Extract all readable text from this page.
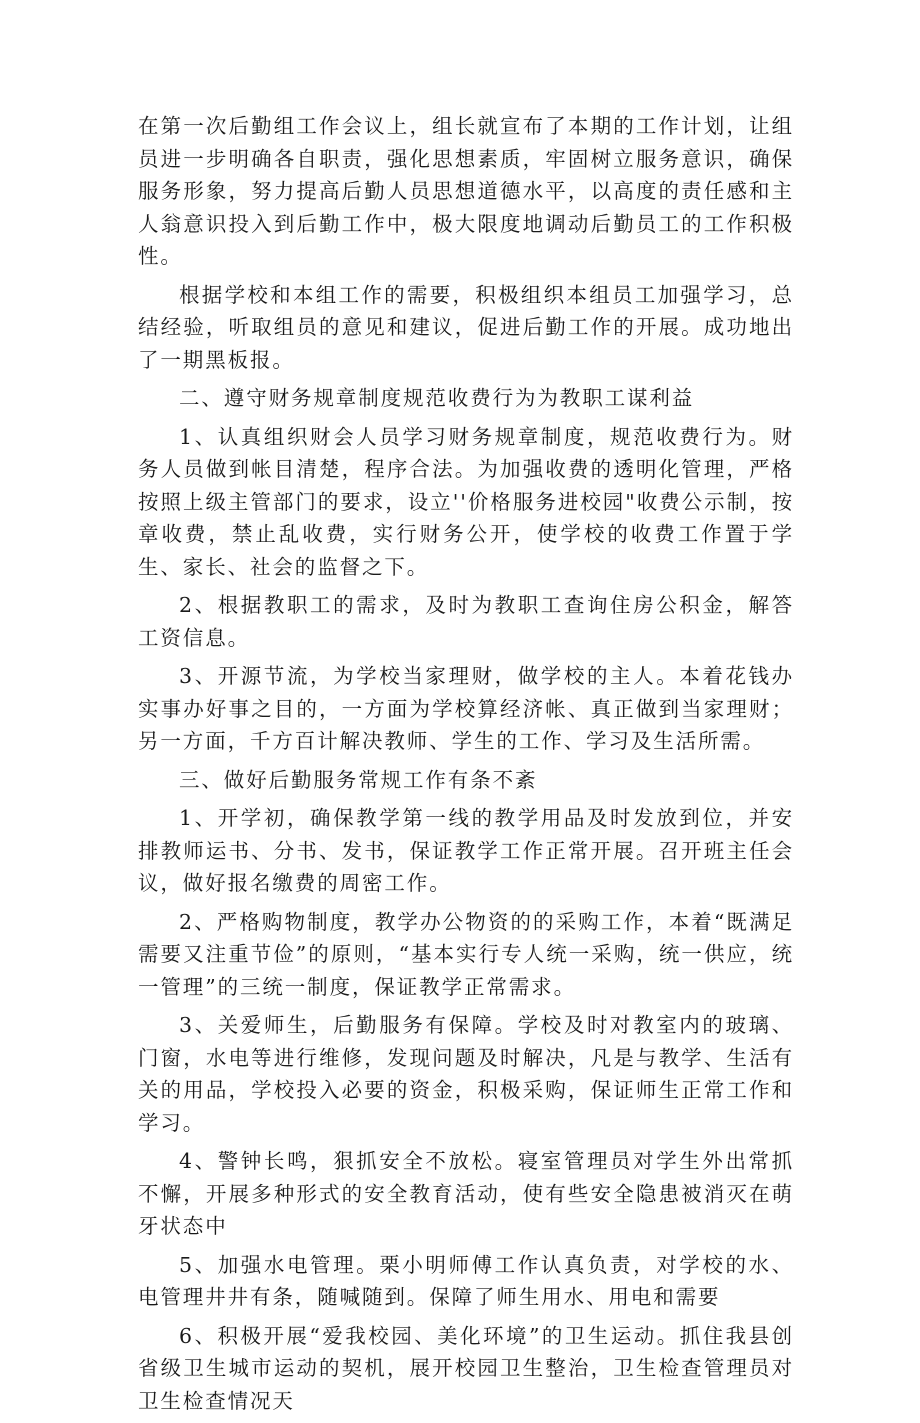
在第一次后勤组工作会议上，组长就宣布了本期的工作计划，让组员进一步明确各自职责，强化思想素质，牢固树立服务意识，确保服务形象，努力提高后勤人员思想道德水平，以高度的责任感和主人翁意识投入到后勤工作中，极大限度地调动后勤员工的工作积极性。

根据学校和本组工作的需要，积极组织本组员工加强学习，总结经验，听取组员的意见和建议，促进后勤工作的开展。成功地出了一期黑板报。

二、遵守财务规章制度规范收费行为为教职工谋利益

1、认真组织财会人员学习财务规章制度，规范收费行为。财务人员做到帐目清楚，程序合法。为加强收费的透明化管理，严格按照上级主管部门的要求，设立''价格服务进校园"收费公示制，按章收费，禁止乱收费，实行财务公开，使学校的收费工作置于学生、家长、社会的监督之下。

2、根据教职工的需求，及时为教职工查询住房公积金，解答工资信息。

3、开源节流，为学校当家理财，做学校的主人。本着花钱办实事办好事之目的，一方面为学校算经济帐、真正做到当家理财；另一方面，千方百计解决教师、学生的工作、学习及生活所需。

三、做好后勤服务常规工作有条不紊

1、开学初，确保教学第一线的教学用品及时发放到位，并安排教师运书、分书、发书，保证教学工作正常开展。召开班主任会议，做好报名缴费的周密工作。

2、严格购物制度，教学办公物资的的采购工作，本着“既满足需要又注重节俭”的原则，“基本实行专人统一采购，统一供应，统一管理”的三统一制度，保证教学正常需求。

3、关爱师生，后勤服务有保障。学校及时对教室内的玻璃、门窗，水电等进行维修，发现问题及时解决，凡是与教学、生活有关的用品，学校投入必要的资金，积极采购，保证师生正常工作和学习。

4、警钟长鸣，狠抓安全不放松。寝室管理员对学生外出常抓不懈，开展多种形式的安全教育活动，使有些安全隐患被消灭在萌牙状态中

5、加强水电管理。栗小明师傅工作认真负责，对学校的水、电管理井井有条，随喊随到。保障了师生用水、用电和需要

6、积极开展“爱我校园、美化环境”的卫生运动。抓住我县创省级卫生城市运动的契机，展开校园卫生整治，卫生检查管理员对卫生检查情况天
